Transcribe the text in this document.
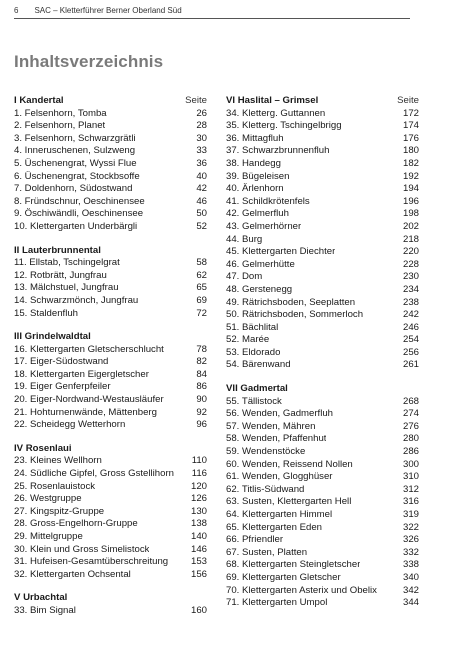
6 SAC – Kletterführer Berner Oberland Süd
Inhaltsverzeichnis
I Kandertal	Seite
1. Felsenhorn, Tomba	26
2. Felsenhorn, Planet	28
3. Felsenhorn, Schwarzgrätli	30
4. Inneruschenen, Sulzweng	33
5. Üschenengrat, Wyssi Flue	36
6. Üschenengrat, Stockbsoffe	40
7. Doldenhorn, Südostwand	42
8. Fründschnur, Oeschinensee	46
9. Öschiwändli, Oeschinensee	50
10. Klettergarten Underbärgli	52
II Lauterbrunnental
11. Ellstab, Tschingelgrat	58
12. Rotbrätt, Jungfrau	62
13. Mälchstuel, Jungfrau	65
14. Schwarzmönch, Jungfrau	69
15. Staldenfluh	72
III Grindelwaldtal
16. Klettergarten Gletscherschlucht	78
17. Eiger-Südostwand	82
18. Klettergarten Eigergletscher	84
19. Eiger Genferpfeiler	86
20. Eiger-Nordwand-Westausläufer	90
21. Hohturnenwände, Mättenberg	92
22. Scheidegg Wetterhorn	96
IV Rosenlaui
23. Kleines Wellhorn	110
24. Südliche Gipfel, Gross Gstellihorn	116
25. Rosenlauistock	120
26. Westgruppe	126
27. Kingspitz-Gruppe	130
28. Gross-Engelhorn-Gruppe	138
29. Mittelgruppe	140
30. Klein und Gross Simelistock	146
31. Hufeisen-Gesamtüberschreitung	153
32. Klettergarten Ochsental	156
V Urbachtal
33. Bim Signal	160
VI Haslital – Grimsel	Seite
34. Kletterg. Guttannen	172
35. Kletterg. Tschingelbrigg	174
36. Mittagfluh	176
37. Schwarzbrunnenfluh	180
38. Handegg	182
39. Bügeleisen	192
40. Ärlenhorn	194
41. Schildkrötenfels	196
42. Gelmerfluh	198
43. Gelmerhörner	202
44. Burg	218
45. Klettergarten Diechter	220
46. Gelmerhütte	228
47. Dom	230
48. Gerstenegg	234
49. Rätrichsboden, Seeplatten	238
50. Rätrichsboden, Sommerloch	242
51. Bächlital	246
52. Marée	254
53. Eldorado	256
54. Bärenwand	261
VII Gadmertal
55. Tällistock	268
56. Wenden, Gadmerfluh	274
57. Wenden, Mähren	276
58. Wenden, Pfaffenhut	280
59. Wendenstöcke	286
60. Wenden, Reissend Nollen	300
61. Wenden, Glogghüser	310
62. Titlis-Südwand	312
63. Susten, Klettergarten Hell	316
64. Klettergarten Himmel	319
65. Klettergarten Eden	322
66. Pfriendler	326
67. Susten, Platten	332
68. Klettergarten Steingletscher	338
69. Klettergarten Gletscher	340
70. Klettergarten Asterix und Obelix	342
71. Klettergarten Umpol	344
